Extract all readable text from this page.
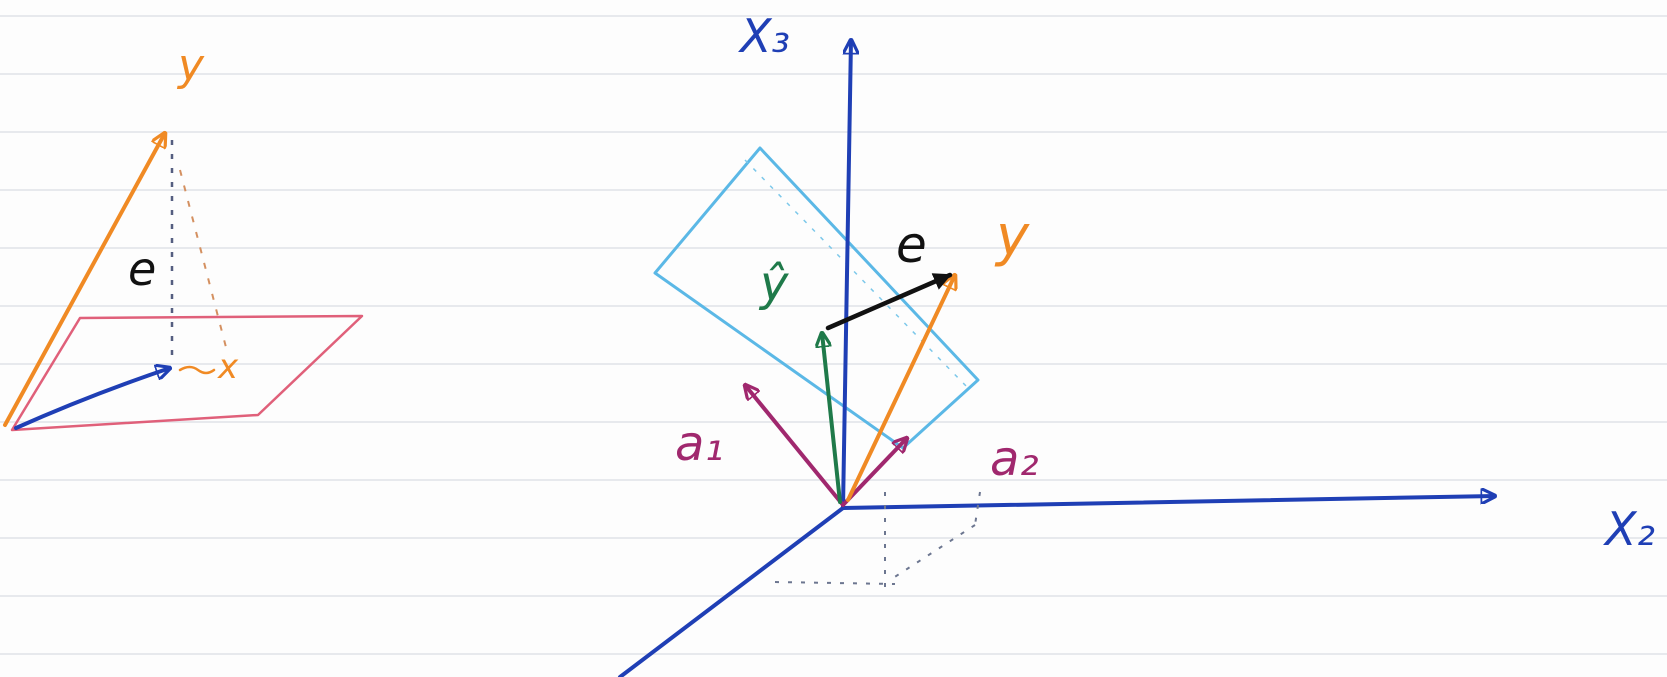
y
e
x
X₃
X₂
y
e
ŷ
a₁	a₂
